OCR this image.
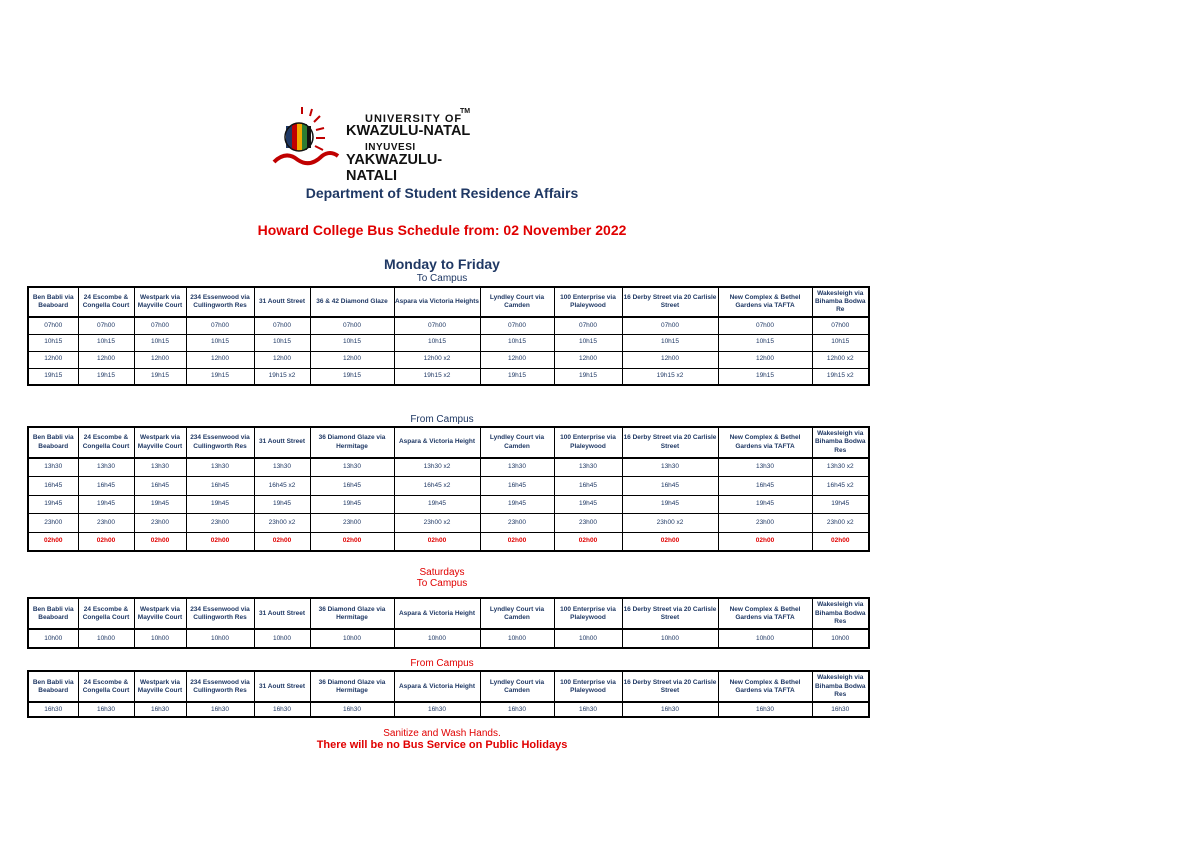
UNIVERSITY OF
TM
KWAZULU-NATAL
INYUVESI
YAKWAZULU-NATALI
Department of Student Residence Affairs
Howard College Bus Schedule from: 02 November 2022
Monday to Friday
To Campus
Ben Babli via Beaboard	24 Escombe & Congella Court	Westpark via Mayville Court	234 Essenwood via Cullingworth Res	31 Aoutt Street	36 & 42 Diamond Glaze	Aspara via Victoria Heights	Lyndley Court via Camden	100 Enterprise via Plaleywood	16 Derby Street via 20 Carlisle Street	New Complex & Bethel Gardens via TAFTA	Wakesleigh via Bihamba Bodwa Re
07h00	07h00	07h00	07h00	07h00	07h00	07h00	07h00	07h00	07h00	07h00	07h00
10h15	10h15	10h15	10h15	10h15	10h15	10h15	10h15	10h15	10h15	10h15	10h15
12h00	12h00	12h00	12h00	12h00	12h00	12h00 x2	12h00	12h00	12h00	12h00	12h00 x2
19h15	19h15	19h15	19h15	19h15 x2	19h15	19h15 x2	19h15	19h15	19h15 x2	19h15	19h15 x2
From Campus
Ben Babli via Beaboard	24 Escombe & Congella Court	Westpark via Mayville Court	234 Essenwood via Cullingworth Res	31 Aoutt Street	36 Diamond Glaze via Hermitage	Aspara & Victoria Height	Lyndley Court via Camden	100 Enterprise via Plaleywood	16 Derby Street via 20 Carlisle Street	New Complex & Bethel Gardens via TAFTA	Wakesleigh via Bihamba Bodwa Res
13h30	13h30	13h30	13h30	13h30	13h30	13h30 x2	13h30	13h30	13h30	13h30	13h30 x2
16h45	16h45	16h45	16h45	16h45 x2	16h45	16h45 x2	16h45	16h45	16h45	16h45	16h45 x2
19h45	19h45	19h45	19h45	19h45	19h45	19h45	19h45	19h45	19h45	19h45	19h45
23h00	23h00	23h00	23h00	23h00 x2	23h00	23h00 x2	23h00	23h00	23h00 x2	23h00	23h00 x2
02h00	02h00	02h00	02h00	02h00	02h00	02h00	02h00	02h00	02h00	02h00	02h00
Saturdays
To Campus
Ben Babli via Beaboard	24 Escombe & Congella Court	Westpark via Mayville Court	234 Essenwood via Cullingworth Res	31 Aoutt Street	36 Diamond Glaze via Hermitage	Aspara & Victoria Height	Lyndley Court via Camden	100 Enterprise via Plaleywood	16 Derby Street via 20 Carlisle Street	New Complex & Bethel Gardens via TAFTA	Wakesleigh via Bihamba Bodwa Res
10h00	10h00	10h00	10h00	10h00	10h00	10h00	10h00	10h00	10h00	10h00	10h00
From Campus
Ben Babli via Beaboard	24 Escombe & Congella Court	Westpark via Mayville Court	234 Essenwood via Cullingworth Res	31 Aoutt Street	36 Diamond Glaze via Hermitage	Aspara & Victoria Height	Lyndley Court via Camden	100 Enterprise via Plaleywood	16 Derby Street via 20 Carlisle Street	New Complex & Bethel Gardens via TAFTA	Wakesleigh via Bihamba Bodwa Res
16h30	16h30	16h30	16h30	16h30	16h30	16h30	16h30	16h30	16h30	16h30	16h30
Sanitize and Wash Hands.
There will be no Bus Service on Public Holidays
